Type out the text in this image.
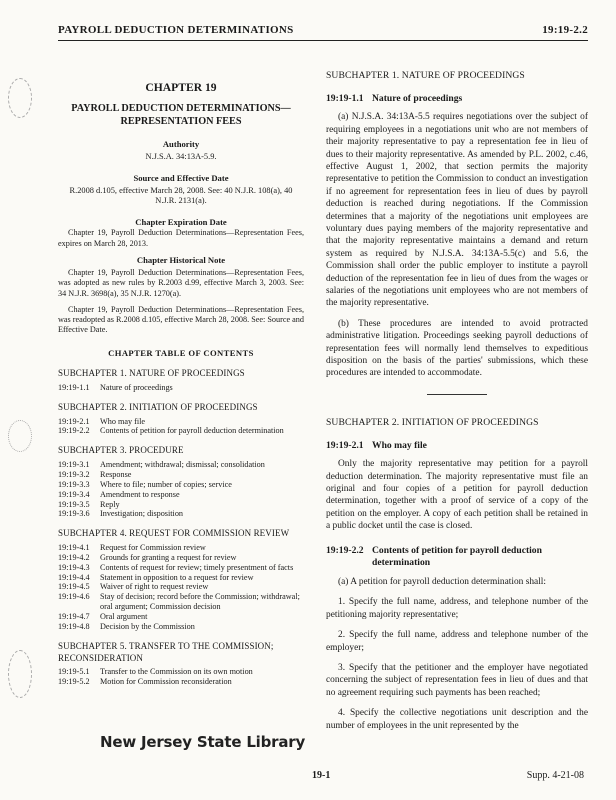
PAYROLL DEDUCTION DETERMINATIONS	19:19-2.2
CHAPTER 19
PAYROLL DEDUCTION DETERMINATIONS— REPRESENTATION FEES
Authority
N.J.S.A. 34:13A-5.9.
Source and Effective Date
R.2008 d.105, effective March 28, 2008. See: 40 N.J.R. 108(a), 40 N.J.R. 2131(a).
Chapter Expiration Date
Chapter 19, Payroll Deduction Determinations—Representation Fees, expires on March 28, 2013.
Chapter Historical Note
Chapter 19, Payroll Deduction Determinations—Representation Fees, was adopted as new rules by R.2003 d.99, effective March 3, 2003. See: 34 N.J.R. 3698(a), 35 N.J.R. 1270(a).
Chapter 19, Payroll Deduction Determinations—Representation Fees, was readopted as R.2008 d.105, effective March 28, 2008. See: Source and Effective Date.
CHAPTER TABLE OF CONTENTS
SUBCHAPTER 1. NATURE OF PROCEEDINGS
19:19-1.1	Nature of proceedings
SUBCHAPTER 2. INITIATION OF PROCEEDINGS
19:19-2.1	Who may file
19:19-2.2	Contents of petition for payroll deduction determination
SUBCHAPTER 3. PROCEDURE
19:19-3.1	Amendment; withdrawal; dismissal; consolidation
19:19-3.2	Response
19:19-3.3	Where to file; number of copies; service
19:19-3.4	Amendment to response
19:19-3.5	Reply
19:19-3.6	Investigation; disposition
SUBCHAPTER 4. REQUEST FOR COMMISSION REVIEW
19:19-4.1	Request for Commission review
19:19-4.2	Grounds for granting a request for review
19:19-4.3	Contents of request for review; timely presentment of facts
19:19-4.4	Statement in opposition to a request for review
19:19-4.5	Waiver of right to request review
19:19-4.6	Stay of decision; record before the Commission; withdrawal; oral argument; Commission decision
19:19-4.7	Oral argument
19:19-4.8	Decision by the Commission
SUBCHAPTER 5. TRANSFER TO THE COMMISSION; RECONSIDERATION
19:19-5.1	Transfer to the Commission on its own motion
19:19-5.2	Motion for Commission reconsideration
SUBCHAPTER 1. NATURE OF PROCEEDINGS
19:19-1.1 Nature of proceedings

(a) N.J.S.A. 34:13A-5.5 requires negotiations over the subject of requiring employees in a negotiations unit who are not members of their majority representative to pay a representation fee in lieu of dues to their majority representative. As amended by P.L. 2002, c.46, effective August 1, 2002, that section permits the majority representative to petition the Commission to conduct an investigation if no agreement for representation fees in lieu of dues by payroll deduction is reached during negotiations. If the Commission determines that a majority of the negotiations unit employees are voluntary dues paying members of the majority representative and that the majority representative maintains a demand and return system as required by N.J.S.A. 34:13A-5.5(c) and 5.6, the Commission shall order the public employer to institute a payroll deduction of the representation fee in lieu of dues from the wages or salaries of the negotiations unit employees who are not members of the majority representative.

(b) These procedures are intended to avoid protracted administrative litigation. Proceedings seeking payroll deductions of representation fees will normally lend themselves to expeditious disposition on the basis of the parties' submissions, which these procedures are intended to accommodate.

SUBCHAPTER 2. INITIATION OF PROCEEDINGS
19:19-2.1 Who may file

Only the majority representative may petition for a payroll deduction determination. The majority representative must file an original and four copies of a petition for payroll deduction determination, together with a proof of service of a copy of the petition on the employer. A copy of each petition shall be retained in a public docket until the case is closed.

19:19-2.2 Contents of petition for payroll deduction determination

(a) A petition for payroll deduction determination shall:

1. Specify the full name, address, and telephone number of the petitioning majority representative;

2. Specify the full name, address and telephone number of the employer;

3. Specify that the petitioner and the employer have negotiated concerning the subject of representation fees in lieu of dues and that no agreement requiring such payments has been reached;

4. Specify the collective negotiations unit description and the number of employees in the unit represented by the

New Jersey State Library
19-1	Supp. 4-21-08
